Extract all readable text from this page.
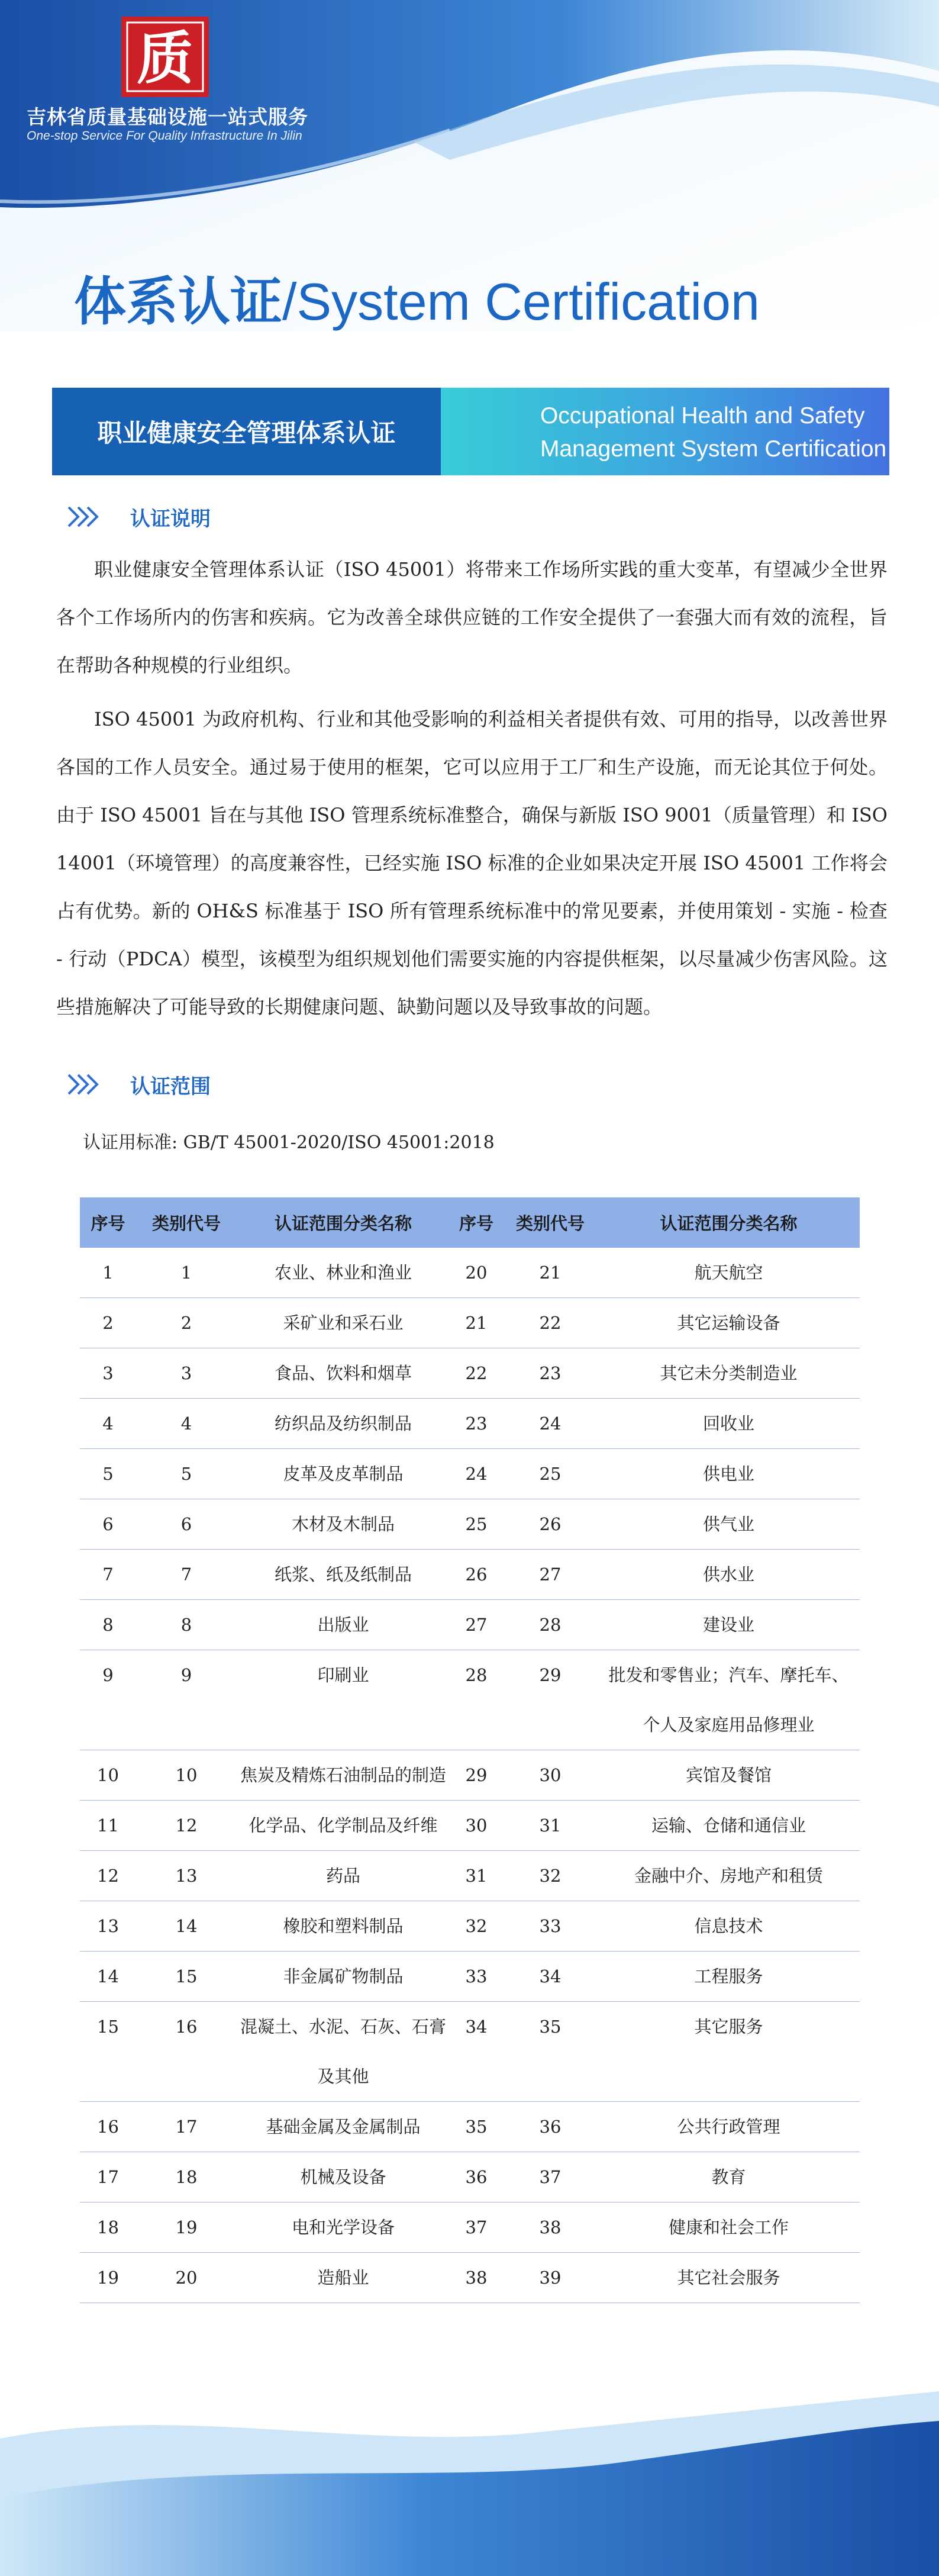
质
吉林省质量基础设施一站式服务
One-stop Service For Quality Infrastructure In Jilin
体系认证/System Certification
职业健康安全管理体系认证
Occupational Health and Safety
Management System Certification
认证说明

职业健康安全管理体系认证（ISO 45001）将带来工作场所实践的重大变革，有望减少全世界各个工作场所内的伤害和疾病。它为改善全球供应链的工作安全提供了一套强大而有效的流程，旨在帮助各种规模的行业组织。

ISO 45001 为政府机构、行业和其他受影响的利益相关者提供有效、可用的指导，以改善世界各国的工作人员安全。通过易于使用的框架，它可以应用于工厂和生产设施，而无论其位于何处。由于 ISO 45001 旨在与其他 ISO 管理系统标准整合，确保与新版 ISO 9001（质量管理）和 ISO 14001（环境管理）的高度兼容性，已经实施 ISO 标准的企业如果决定开展 ISO 45001 工作将会占有优势。新的 OH&S 标准基于 ISO 所有管理系统标准中的常见要素，并使用策划 - 实施 - 检查 - 行动（PDCA）模型，该模型为组织规划他们需要实施的内容提供框架，以尽量减少伤害风险。这些措施解决了可能导致的长期健康问题、缺勤问题以及导致事故的问题。

认证范围
认证用标准: GB/T 45001-2020/ISO 45001:2018
序号	类别代号	认证范围分类名称	序号	类别代号	认证范围分类名称
1	1	农业、林业和渔业	20	21	航天航空
2	2	采矿业和采石业	21	22	其它运输设备
3	3	食品、饮料和烟草	22	23	其它未分类制造业
4	4	纺织品及纺织制品	23	24	回收业
5	5	皮革及皮革制品	24	25	供电业
6	6	木材及木制品	25	26	供气业
7	7	纸浆、纸及纸制品	26	27	供水业
8	8	出版业	27	28	建设业
9	9	印刷业	28	29	批发和零售业；汽车、摩托车、个人及家庭用品修理业
10	10	焦炭及精炼石油制品的制造	29	30	宾馆及餐馆
11	12	化学品、化学制品及纤维	30	31	运输、仓储和通信业
12	13	药品	31	32	金融中介、房地产和租赁
13	14	橡胶和塑料制品	32	33	信息技术
14	15	非金属矿物制品	33	34	工程服务
15	16	混凝土、水泥、石灰、石膏及其他	34	35	其它服务
16	17	基础金属及金属制品	35	36	公共行政管理
17	18	机械及设备	36	37	教育
18	19	电和光学设备	37	38	健康和社会工作
19	20	造船业	38	39	其它社会服务
